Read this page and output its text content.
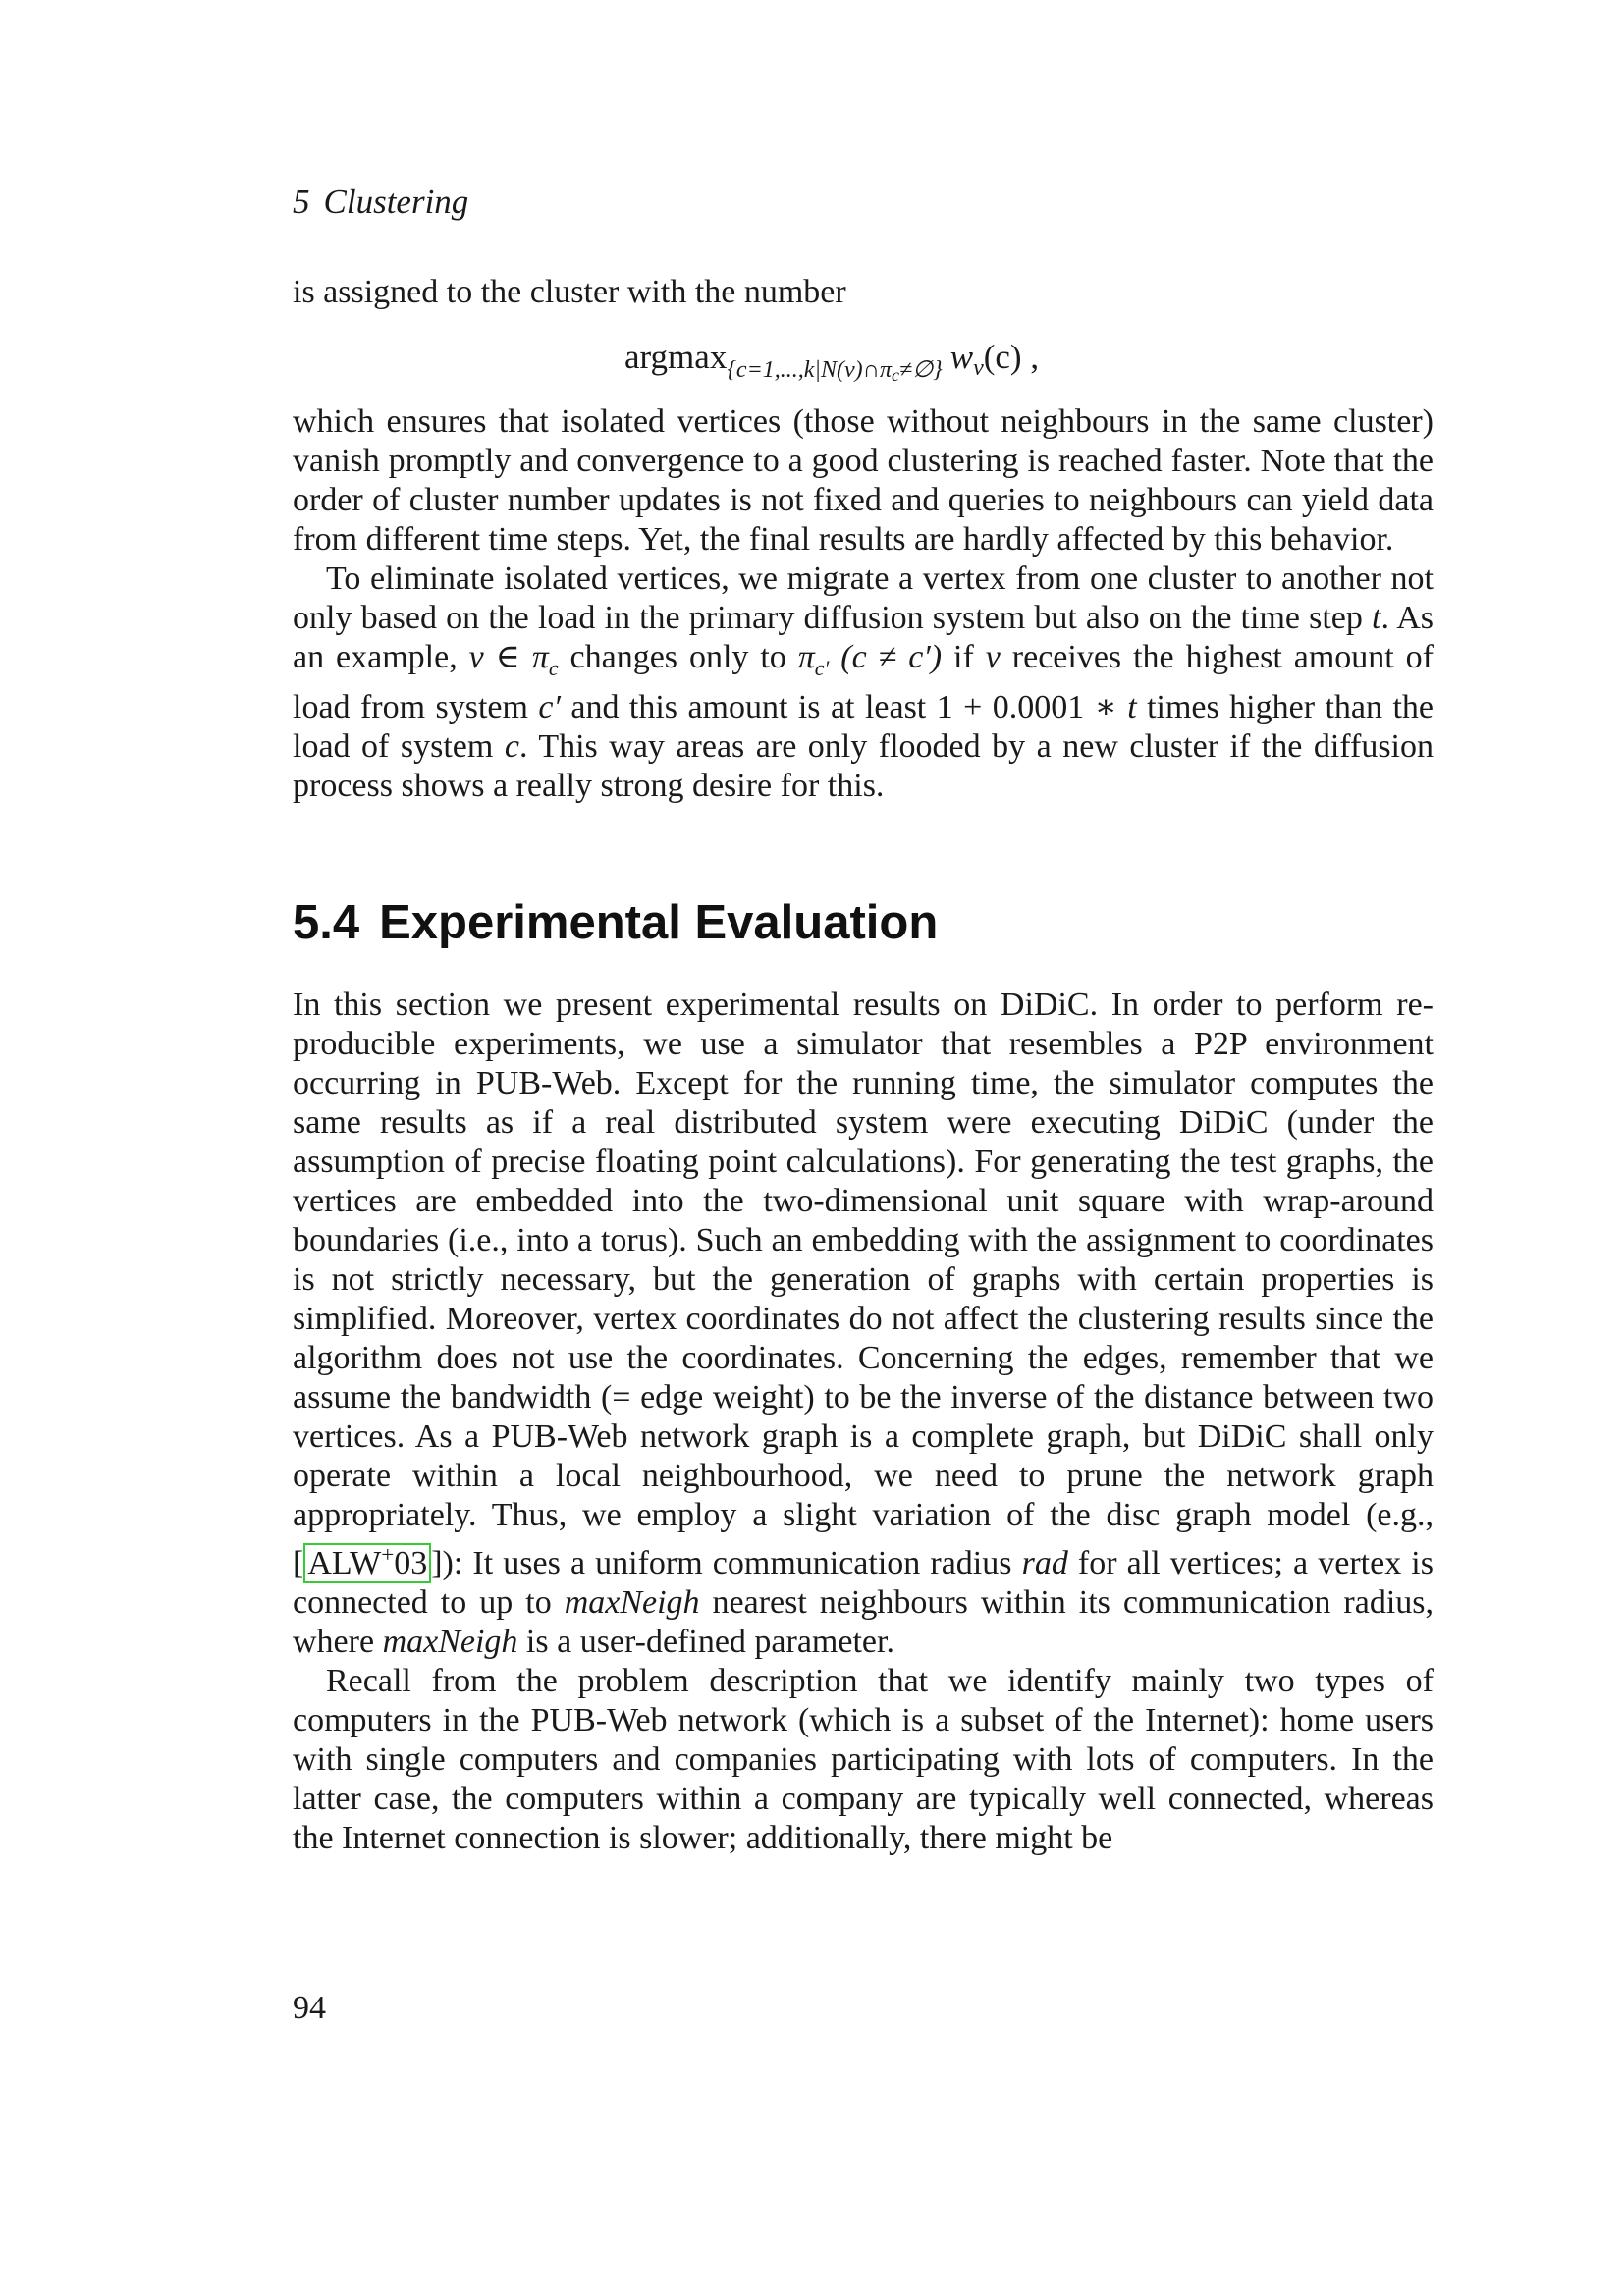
5 Clustering

is assigned to the cluster with the number

argmax$_{\{c=1,...,k|N(v)\cap\pi_c\ne\emptyset\}}$ $w_v(c)$ ,

which ensures that isolated vertices (those without neighbours in the same cluster) vanish promptly and convergence to a good clustering is reached faster. Note that the order of cluster number updates is not fixed and queries to neighbours can yield data from different time steps. Yet, the final results are hardly affected by this behavior.

To eliminate isolated vertices, we migrate a vertex from one cluster to another not only based on the load in the primary diffusion system but also on the time step t. As an example, v ∈ $\pi_c$ changes only to $\pi_{c'}$ (c ≠ c′) if v receives the highest amount of load from system c′ and this amount is at least 1 + 0.0001 ∗ t times higher than the load of system c. This way areas are only flooded by a new cluster if the diffusion process shows a really strong desire for this.

5.4 Experimental Evaluation

In this section we present experimental results on DiDiC. In order to perform reproducible experiments, we use a simulator that resembles a P2P environment occurring in PUB-Web. Except for the running time, the simulator computes the same results as if a real distributed system were executing DiDiC (under the assumption of precise floating point calculations). For generating the test graphs, the vertices are embedded into the two-dimensional unit square with wrap-around boundaries (i.e., into a torus). Such an embedding with the assignment to coordinates is not strictly necessary, but the generation of graphs with certain properties is simplified. Moreover, vertex coordinates do not affect the clustering results since the algorithm does not use the coordinates. Concerning the edges, remember that we assume the bandwidth (= edge weight) to be the inverse of the distance between two vertices. As a PUB-Web network graph is a complete graph, but DiDiC shall only operate within a local neighbourhood, we need to prune the network graph appropriately. Thus, we employ a slight variation of the disc graph model (e.g., [ ALW+03 ]): It uses a uniform communication radius rad for all vertices; a vertex is connected to up to maxNeigh nearest neighbours within its communication radius, where maxNeigh is a user-defined parameter.

Recall from the problem description that we identify mainly two types of computers in the PUB-Web network (which is a subset of the Internet): home users with single computers and companies participating with lots of computers. In the latter case, the computers within a company are typically well connected, whereas the Internet connection is slower; additionally, there might be

94
